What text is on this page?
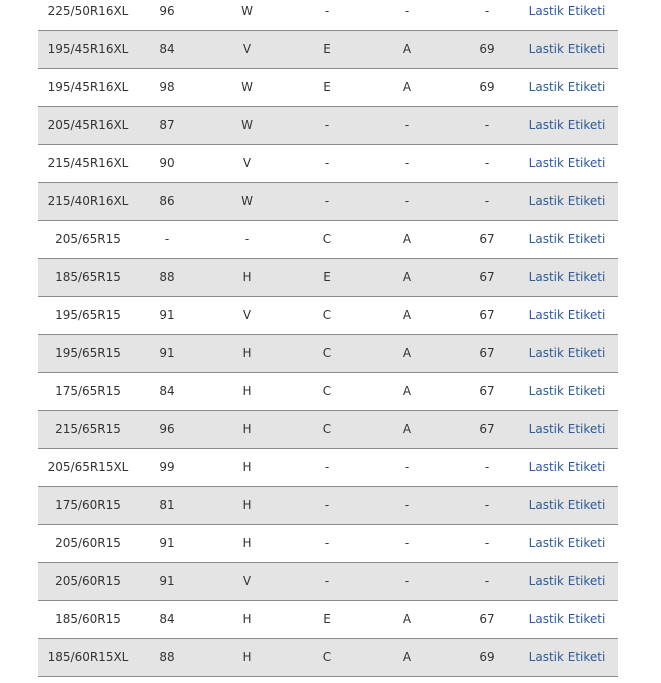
225/50R16XL	96	W	-	-	-	Lastik Etiketi
195/45R16XL	84	V	E	A	69	Lastik Etiketi
195/45R16XL	98	W	E	A	69	Lastik Etiketi
205/45R16XL	87	W	-	-	-	Lastik Etiketi
215/45R16XL	90	V	-	-	-	Lastik Etiketi
215/40R16XL	86	W	-	-	-	Lastik Etiketi
205/65R15	-	-	C	A	67	Lastik Etiketi
185/65R15	88	H	E	A	67	Lastik Etiketi
195/65R15	91	V	C	A	67	Lastik Etiketi
195/65R15	91	H	C	A	67	Lastik Etiketi
175/65R15	84	H	C	A	67	Lastik Etiketi
215/65R15	96	H	C	A	67	Lastik Etiketi
205/65R15XL	99	H	-	-	-	Lastik Etiketi
175/60R15	81	H	-	-	-	Lastik Etiketi
205/60R15	91	H	-	-	-	Lastik Etiketi
205/60R15	91	V	-	-	-	Lastik Etiketi
185/60R15	84	H	E	A	67	Lastik Etiketi
185/60R15XL	88	H	C	A	69	Lastik Etiketi
